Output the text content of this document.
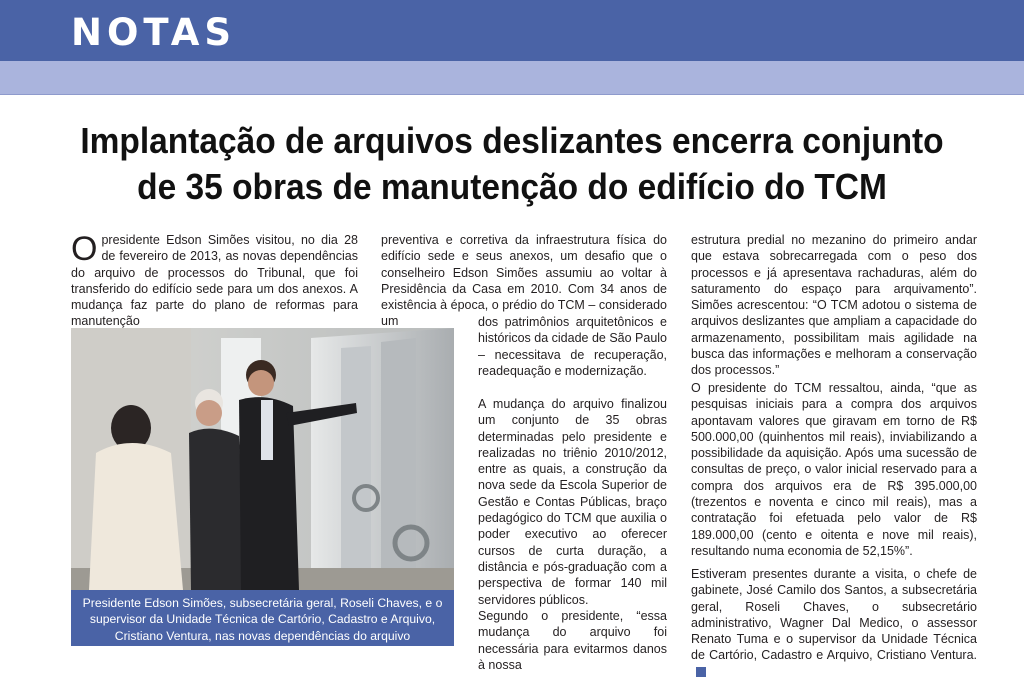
NOTAS
Implantação de arquivos deslizantes encerra conjunto de 35 obras de manutenção do edifício do TCM

Opresidente Edson Simões visitou, no dia 28 de fevereiro de 2013, as novas dependências do arquivo de processos do Tribunal, que foi transferido do edifício sede para um dos anexos. A mudança faz parte do plano de reformas para manutenção

Presidente Edson Simões, subsecretária geral, Roseli Chaves, e o supervisor da Unidade Técnica de Cartório, Cadastro e Arquivo, Cristiano Ventura, nas novas dependências do arquivo

preventiva e corretiva da infraestrutura física do edifício sede e seus anexos, um desafio que o conselheiro Edson Simões assumiu ao voltar à Presidência da Casa em 2010. Com 34 anos de existência à época, o prédio do TCM – considerado um	dos patrimônios arquitetônicos e históricos da cidade de São Paulo – necessitava de recuperação, readequação e modernização.

A mudança do arquivo finalizou um conjunto de 35 obras determinadas pelo presidente e realizadas no triênio 2010/2012, entre as quais, a construção da nova sede da Escola Superior de Gestão e Contas Públicas, braço pedagógico do TCM que auxilia o poder executivo ao oferecer cursos de curta duração, a distância e pós-graduação com a perspectiva de formar 140 mil servidores públicos.

Segundo o presidente, “essa mudança do arquivo foi necessária para evitarmos danos à nossa

estrutura predial no mezanino do primeiro andar que estava sobrecarregada com o peso dos processos e já apresentava rachaduras, além do saturamento do espaço para arquivamento”. Simões acrescentou: “O TCM adotou o sistema de arquivos deslizantes que ampliam a capacidade do armazenamento, possibilitam mais agilidade na busca das informações e melhoram a conservação dos processos.”

O presidente do TCM ressaltou, ainda, “que as pesquisas iniciais para a compra dos arquivos apontavam valores que giravam em torno de R$ 500.000,00 (quinhentos mil reais), inviabilizando a possibilidade da aquisição. Após uma sucessão de consultas de preço, o valor inicial reservado para a compra dos arquivos era de R$ 395.000,00 (trezentos e noventa e cinco mil reais), mas a contratação foi efetuada pelo valor de R$ 189.000,00 (cento e oitenta e nove mil reais), resultando numa economia de 52,15%”.

Estiveram presentes durante a visita, o chefe de gabinete, José Camilo dos Santos, a subsecretária geral, Roseli Chaves, o subsecretário administrativo, Wagner Dal Medico, o assessor Renato Tuma e o supervisor da Unidade Técnica de Cartório, Cadastro e Arquivo, Cristiano Ventura.
